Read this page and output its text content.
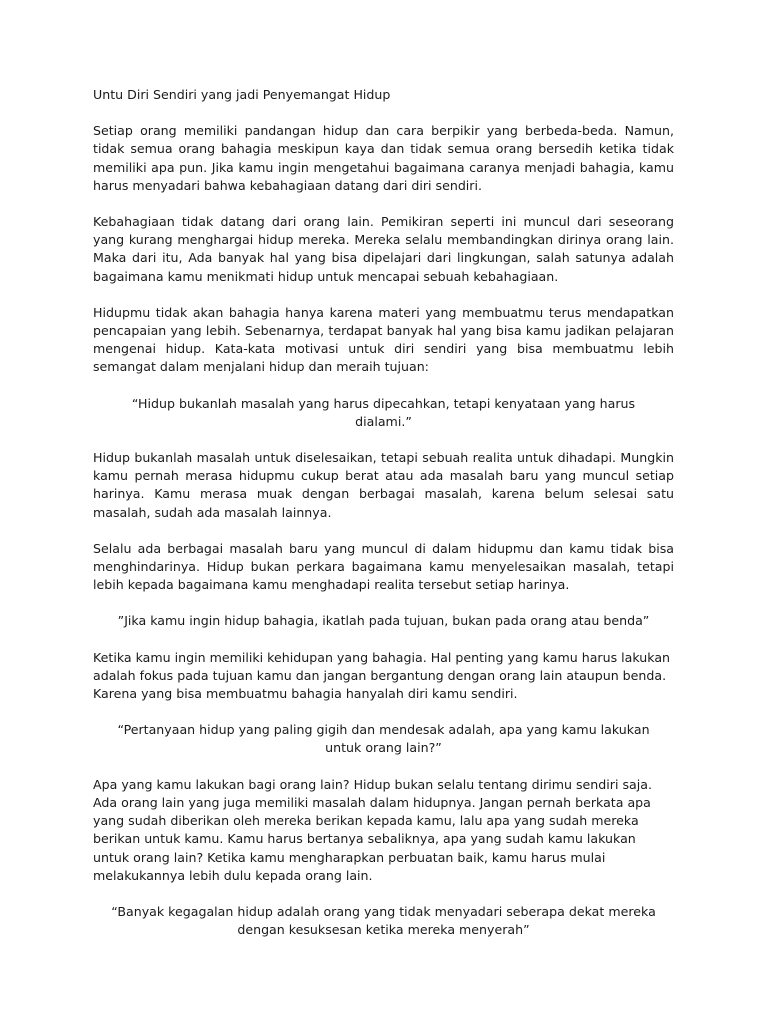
Untu Diri Sendiri yang jadi Penyemangat Hidup

Setiap orang memiliki pandangan hidup dan cara berpikir yang berbeda-beda. Namun, tidak semua orang bahagia meskipun kaya dan tidak semua orang bersedih ketika tidak memiliki apa pun. Jika kamu ingin mengetahui bagaimana caranya menjadi bahagia, kamu harus menyadari bahwa kebahagiaan datang dari diri sendiri.

Kebahagiaan tidak datang dari orang lain. Pemikiran seperti ini muncul dari seseorang yang kurang menghargai hidup mereka. Mereka selalu membandingkan dirinya orang lain. Maka dari itu, Ada banyak hal yang bisa dipelajari dari lingkungan, salah satunya adalah bagaimana kamu menikmati hidup untuk mencapai sebuah kebahagiaan.

Hidupmu tidak akan bahagia hanya karena materi yang membuatmu terus mendapatkan pencapaian yang lebih. Sebenarnya, terdapat banyak hal yang bisa kamu jadikan pelajaran mengenai hidup. Kata-kata motivasi untuk diri sendiri yang bisa membuatmu lebih semangat dalam menjalani hidup dan meraih tujuan:

“Hidup bukanlah masalah yang harus dipecahkan, tetapi kenyataan yang harus dialami.”

Hidup bukanlah masalah untuk diselesaikan, tetapi sebuah realita untuk dihadapi. Mungkin kamu pernah merasa hidupmu cukup berat atau ada masalah baru yang muncul setiap harinya. Kamu merasa muak dengan berbagai masalah, karena belum selesai satu masalah, sudah ada masalah lainnya.

Selalu ada berbagai masalah baru yang muncul di dalam hidupmu dan kamu tidak bisa menghindarinya. Hidup bukan perkara bagaimana kamu menyelesaikan masalah, tetapi lebih kepada bagaimana kamu menghadapi realita tersebut setiap harinya.

”Jika kamu ingin hidup bahagia, ikatlah pada tujuan, bukan pada orang atau benda”

Ketika kamu ingin memiliki kehidupan yang bahagia. Hal penting yang kamu harus lakukan adalah fokus pada tujuan kamu dan jangan bergantung dengan orang lain ataupun benda. Karena yang bisa membuatmu bahagia hanyalah diri kamu sendiri.

“Pertanyaan hidup yang paling gigih dan mendesak adalah, apa yang kamu lakukan untuk orang lain?”

Apa yang kamu lakukan bagi orang lain? Hidup bukan selalu tentang dirimu sendiri saja. Ada orang lain yang juga memiliki masalah dalam hidupnya. Jangan pernah berkata apa yang sudah diberikan oleh mereka berikan kepada kamu, lalu apa yang sudah mereka berikan untuk kamu. Kamu harus bertanya sebaliknya, apa yang sudah kamu lakukan untuk orang lain? Ketika kamu mengharapkan perbuatan baik, kamu harus mulai melakukannya lebih dulu kepada orang lain.

“Banyak kegagalan hidup adalah orang yang tidak menyadari seberapa dekat mereka dengan kesuksesan ketika mereka menyerah”
